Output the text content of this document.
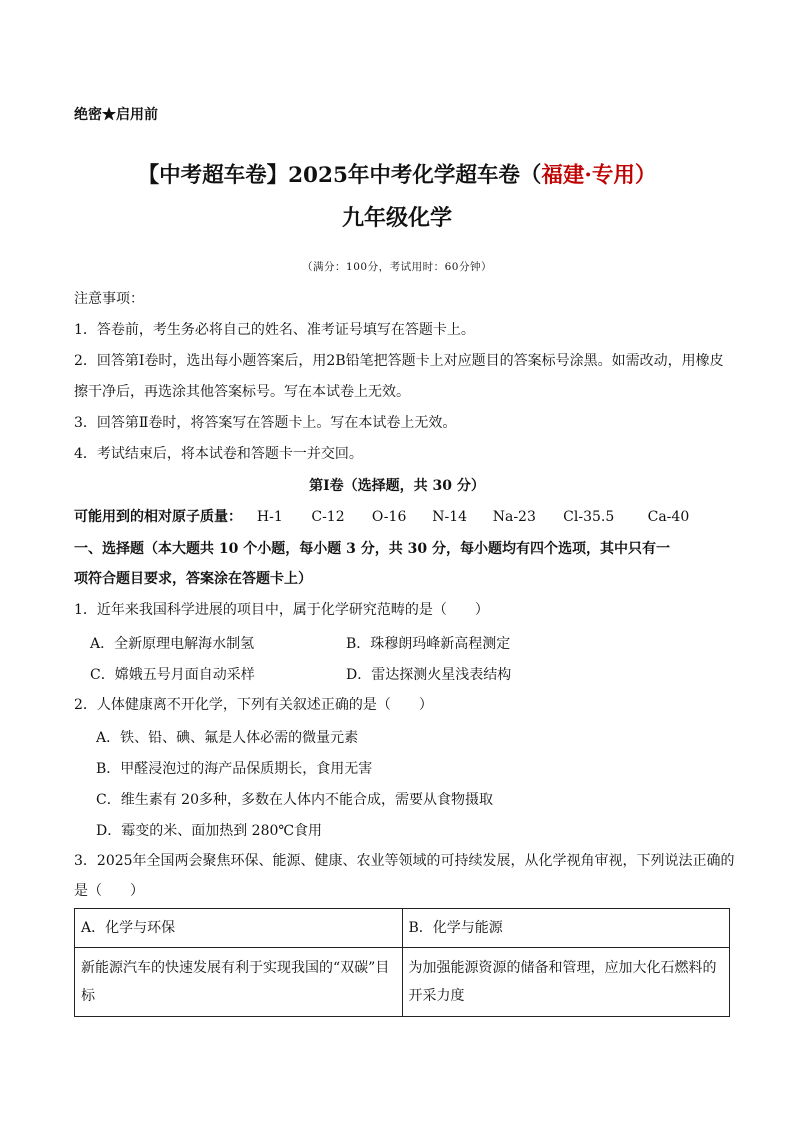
绝密★启用前
【中考超车卷】2025年中考化学超车卷（福建·专用）
九年级化学
（满分：100分，考试用时：60分钟）
注意事项：
1．答卷前，考生务必将自己的姓名、准考证号填写在答题卡上。
2．回答第Ⅰ卷时，选出每小题答案后，用2B铅笔把答题卡上对应题目的答案标号涂黑。如需改动，用橡皮
擦干净后，再选涂其他答案标号。写在本试卷上无效。
3．回答第Ⅱ卷时，将答案写在答题卡上。写在本试卷上无效。
4．考试结束后，将本试卷和答题卡一并交回。
第Ⅰ卷（选择题，共 30 分）
可能用到的相对原子质量： H-1 C-12 O-16 N-14 Na-23 Cl-35.5 Ca-40
一、选择题（本大题共 10 个小题，每小题 3 分，共 30 分，每小题均有四个选项，其中只有一
项符合题目要求，答案涂在答题卡上）
1．近年来我国科学进展的项目中，属于化学研究范畴的是（　　）
A．全新原理电解海水制氢	B．珠穆朗玛峰新高程测定
C．嫦娥五号月面自动采样	D．雷达探测火星浅表结构
2．人体健康离不开化学，下列有关叙述正确的是（　　）
A．铁、铅、碘、氟是人体必需的微量元素
B．甲醛浸泡过的海产品保质期长，食用无害
C．维生素有 20多种，多数在人体内不能合成，需要从食物摄取
D．霉变的米、面加热到 280℃食用
3．2025年全国两会聚焦环保、能源、健康、农业等领域的可持续发展，从化学视角审视，下列说法正确的
是（　　）
A．化学与环保	B．化学与能源
新能源汽车的快速发展有利于实现我国的“双碳”目标	为加强能源资源的储备和管理，应加大化石燃料的开采力度
